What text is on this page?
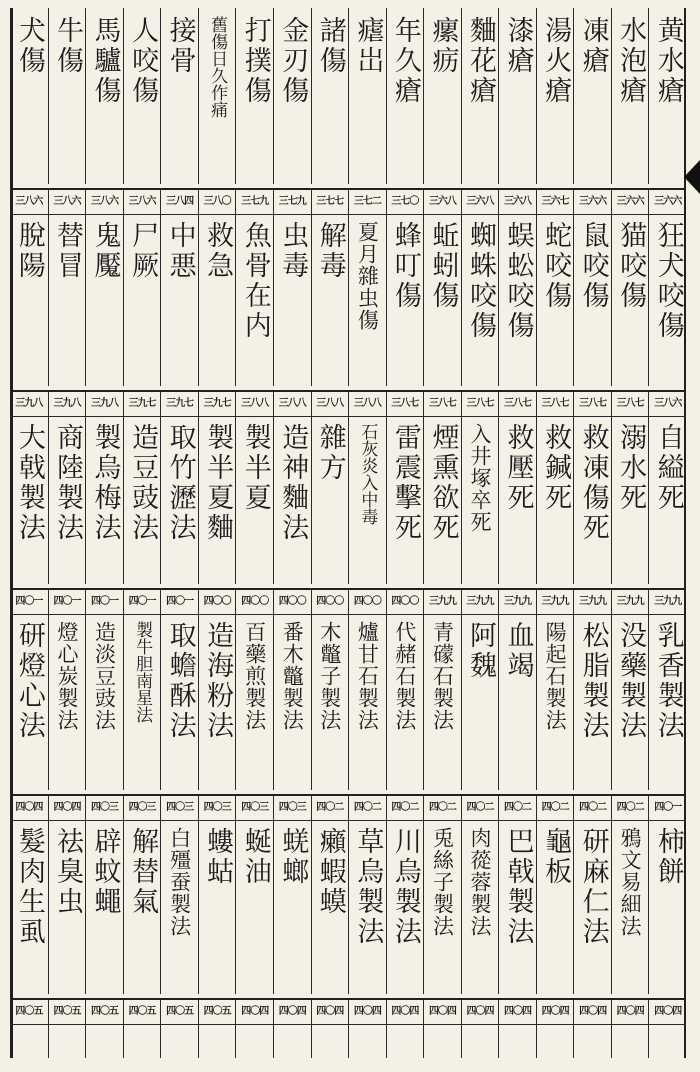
黄水瘡
水泡瘡
凍瘡
湯火瘡
漆瘡
麯花瘡
瘰疬
年久瘡
瘧岀
諸傷
金刃傷
打撲傷
舊傷日久作痛
接骨
人咬傷
馬驢傷
牛傷
犬傷
三六六
狂犬咬傷
三六六
猫咬傷
三六六
鼠咬傷
三六七
蛇咬傷
三六八
蜈蚣咬傷
三六八
蜘蛛咬傷
三六八
蚯蚓傷
三七〇
蜂叮傷
三七二
夏月雜虫傷
三七七
解毒
三七九
虫毒
三七九
魚骨在内
三八〇
救急
三八四
中悪
三八六
尸厥
三八六
鬼魘
三八六
替冒
三八六
脫陽
三八六
自縊死
三八七
溺水死
三八七
救凍傷死
三八七
救鍼死
三八七
救壓死
三八七
入井塚卒死
三八七
煙熏欲死
三八七
雷震擊死
三八八
石灰炎入中毒
三八八
雜方
三八八
造神麯法
三八八
製半夏
三九七
製半夏麯
三九七
取竹瀝法
三九七
造豆豉法
三九八
製烏梅法
三九八
商陸製法
三九八
大戟製法
三九九
乳香製法
三九九
没藥製法
三九九
松脂製法
三九九
陽起石製法
三九九
血竭
三九九
阿魏
三九九
青礞石製法
四〇〇
代赭石製法
四〇〇
爐甘石製法
四〇〇
木鼈子製法
四〇〇
番木鼈製法
四〇〇
百藥煎製法
四〇〇
造海粉法
四〇一
取蟾酥法
四〇一
製牛胆南星法
四〇一
造淡豆豉法
四〇一
燈心炭製法
四〇一
研燈心法
四〇一
柿餅
四〇二
鴉文易細法
四〇二
研麻仁法
四〇二
龜板
四〇二
巴戟製法
四〇二
肉蓯蓉製法
四〇二
兎絲子製法
四〇二
川烏製法
四〇二
草烏製法
四〇二
癩蝦蟆
四〇三
蜣螂
四〇三
蜒油
四〇三
螻蛄
四〇三
白殭蚕製法
四〇三
解替氣
四〇三
辟蚊蠅
四〇四
祛臭虫
四〇四
髮肉生虱
四〇四
四〇四
四〇四
四〇四
四〇四
四〇四
四〇四
四〇四
四〇四
四〇四
四〇四
四〇四
四〇五
四〇五
四〇五
四〇五
四〇五
四〇五
